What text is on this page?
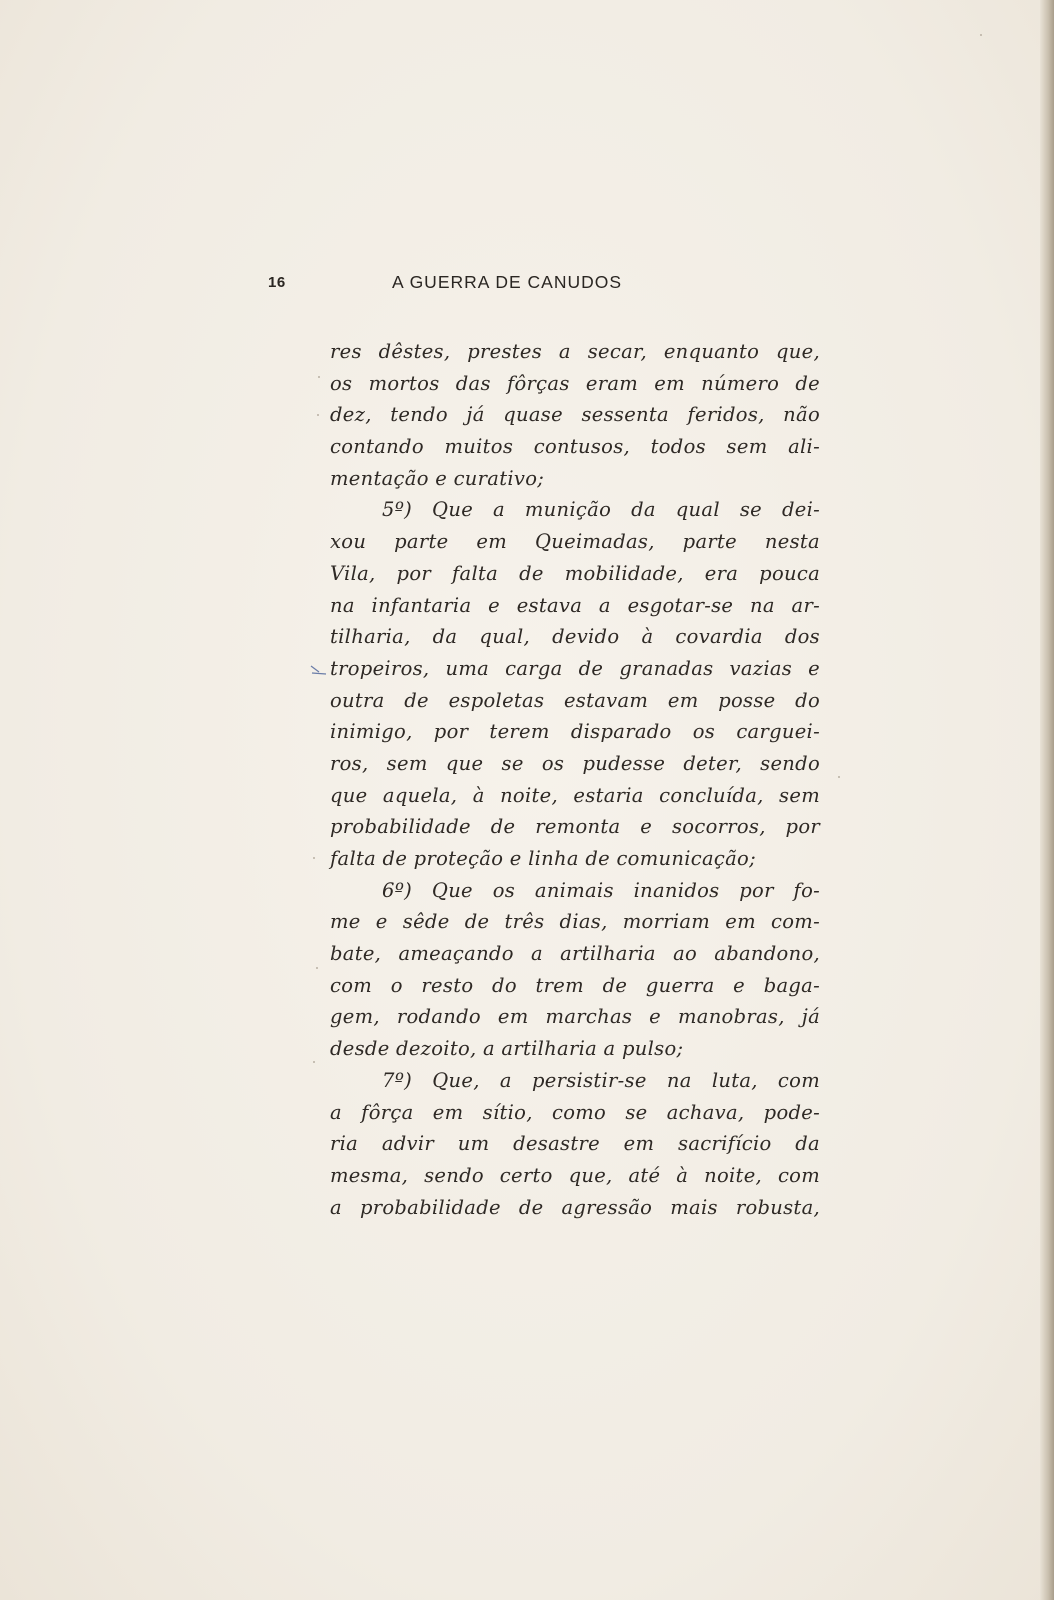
16	A GUERRA DE CANUDOS
res dêstes, prestes a secar, enquanto que,
os mortos das fôrças eram em número de
dez, tendo já quase sessenta feridos, não
contando muitos contusos, todos sem ali-
mentação e curativo;
5º) Que a munição da qual se dei-
xou parte em Queimadas, parte nesta
Vila, por falta de mobilidade, era pouca
na infantaria e estava a esgotar-se na ar-
tilharia, da qual, devido à covardia dos
tropeiros, uma carga de granadas vazias e
outra de espoletas estavam em posse do
inimigo, por terem disparado os carguei-
ros, sem que se os pudesse deter, sendo
que aquela, à noite, estaria concluída, sem
probabilidade de remonta e socorros, por
falta de proteção e linha de comunicação;
6º) Que os animais inanidos por fo-
me e sêde de três dias, morriam em com-
bate, ameaçando a artilharia ao abandono,
com o resto do trem de guerra e baga-
gem, rodando em marchas e manobras, já
desde dezoito, a artilharia a pulso;
7º) Que, a persistir-se na luta, com
a fôrça em sítio, como se achava, pode-
ria advir um desastre em sacrifício da
mesma, sendo certo que, até à noite, com
a probabilidade de agressão mais robusta,
